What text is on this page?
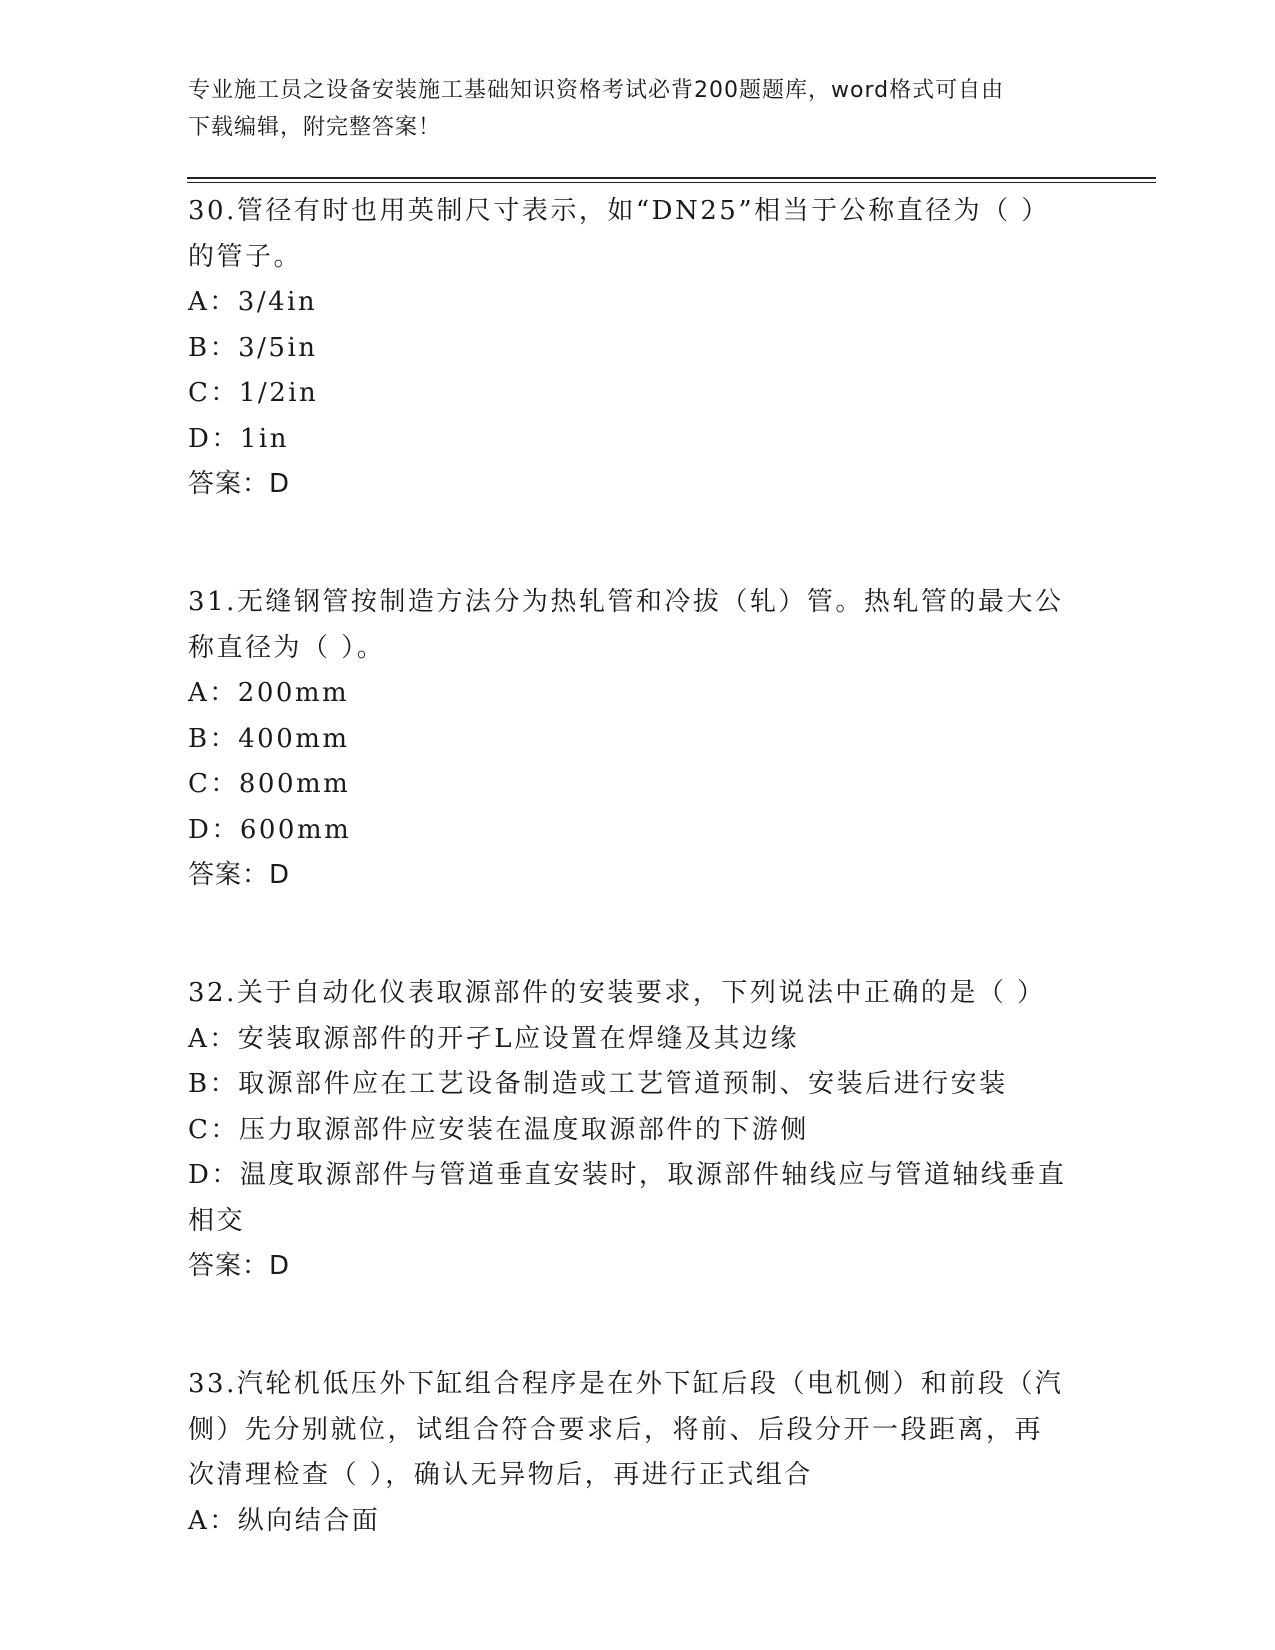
专业施工员之设备安装施工基础知识资格考试必背200题题库，word格式可自由
下载编辑，附完整答案！
30.管径有时也用英制尺寸表示，如“DN25”相当于公称直径为（ ）
的管子。
A：3/4in
B：3/5in
C：1/2in
D：1in
答案：D
31.无缝钢管按制造方法分为热轧管和冷拔（轧）管。热轧管的最大公
称直径为（ ）。
A：200mm
B：400mm
C：800mm
D：600mm
答案：D
32.关于自动化仪表取源部件的安装要求，下列说法中正确的是（ ）
A：安装取源部件的开孑L应设置在焊缝及其边缘
B：取源部件应在工艺设备制造或工艺管道预制、安装后进行安装
C：压力取源部件应安装在温度取源部件的下游侧
D：温度取源部件与管道垂直安装时，取源部件轴线应与管道轴线垂直
相交
答案：D
33.汽轮机低压外下缸组合程序是在外下缸后段（电机侧）和前段（汽
侧）先分别就位，试组合符合要求后，将前、后段分开一段距离，再
次清理检查（ ），确认无异物后，再进行正式组合
A：纵向结合面
